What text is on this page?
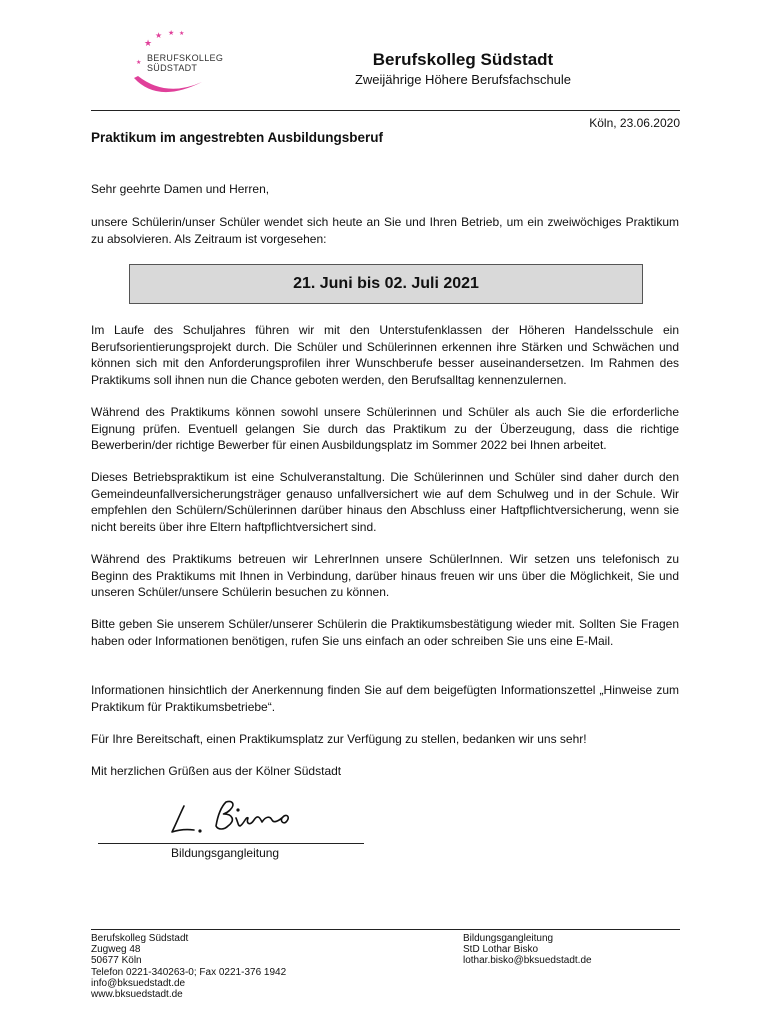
★
★ ★ ★
★ BERUFSKOLLEG
SÜDSTADT	Berufskolleg Südstadt
Zweijährige Höhere Berufsfachschule
Köln, 23.06.2020
Praktikum im angestrebten Ausbildungsberuf
Sehr geehrte Damen und Herren,
unsere Schülerin/unser Schüler wendet sich heute an Sie und Ihren Betrieb, um ein zweiwöchiges Praktikum zu absolvieren. Als Zeitraum ist vorgesehen:
21. Juni bis 02. Juli 2021
Im Laufe des Schuljahres führen wir mit den Unterstufenklassen der Höheren Handelsschule ein Berufsorientierungsprojekt durch. Die Schüler und Schülerinnen erkennen ihre Stärken und Schwächen und können sich mit den Anforderungsprofilen ihrer Wunschberufe besser auseinandersetzen. Im Rahmen des Praktikums soll ihnen nun die Chance geboten werden, den Berufsalltag kennenzulernen.
Während des Praktikums können sowohl unsere Schülerinnen und Schüler als auch Sie die erforderliche Eignung prüfen. Eventuell gelangen Sie durch das Praktikum zu der Überzeugung, dass die richtige Bewerberin/der richtige Bewerber für einen Ausbildungsplatz im Sommer 2022 bei Ihnen arbeitet.
Dieses Betriebspraktikum ist eine Schulveranstaltung. Die Schülerinnen und Schüler sind daher durch den Gemeindeunfallversicherungsträger genauso unfallversichert wie auf dem Schulweg und in der Schule. Wir empfehlen den Schülern/Schülerinnen darüber hinaus den Abschluss einer Haftpflichtversicherung, wenn sie nicht bereits über ihre Eltern haftpflichtversichert sind.
Während des Praktikums betreuen wir LehrerInnen unsere SchülerInnen. Wir setzen uns telefonisch zu Beginn des Praktikums mit Ihnen in Verbindung, darüber hinaus freuen wir uns über die Möglichkeit, Sie und unseren Schüler/unsere Schülerin besuchen zu können.
Bitte geben Sie unserem Schüler/unserer Schülerin die Praktikumsbestätigung wieder mit. Sollten Sie Fragen haben oder Informationen benötigen, rufen Sie uns einfach an oder schreiben Sie uns eine E-Mail.
Informationen hinsichtlich der Anerkennung finden Sie auf dem beigefügten Informationszettel „Hinweise zum Praktikum für Praktikumsbetriebe“.
Für Ihre Bereitschaft, einen Praktikumsplatz zur Verfügung zu stellen, bedanken wir uns sehr!
Mit herzlichen Grüßen aus der Kölner Südstadt
Bildungsgangleitung
Berufskolleg Südstadt
Zugweg 48
50677 Köln
Telefon 0221-340263-0; Fax 0221-376 1942
info@bksuedstadt.de
www.bksuedstadt.de
Bildungsgangleitung
StD Lothar Bisko
lothar.bisko@bksuedstadt.de
